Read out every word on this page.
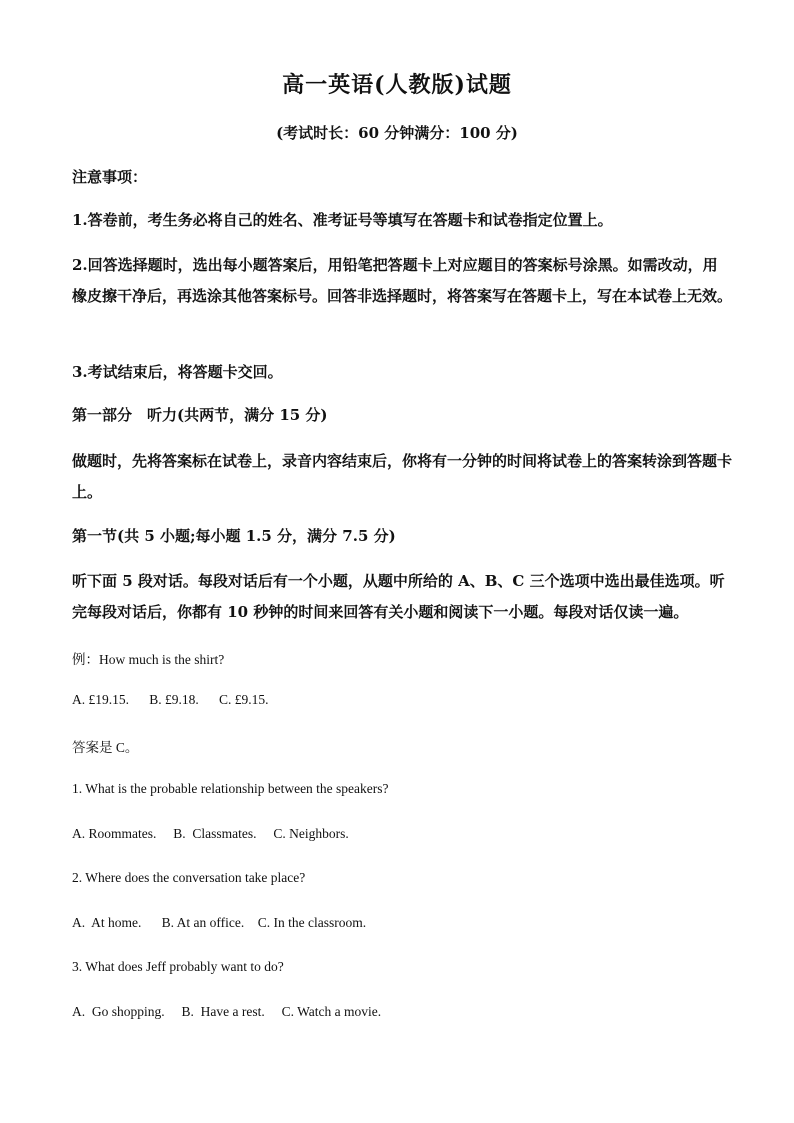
高一英语(人教版)试题
(考试时长：60 分钟满分：100 分)
注意事项：
1.答卷前，考生务必将自己的姓名、准考证号等填写在答题卡和试卷指定位置上。
2.回答选择题时，选出每小题答案后，用铅笔把答题卡上对应题目的答案标号涂黑。如需改动，用橡皮擦干净后，再选涂其他答案标号。回答非选择题时，将答案写在答题卡上，写在本试卷上无效。
3.考试结束后，将答题卡交回。
第一部分　听力(共两节，满分 15 分)
做题时，先将答案标在试卷上，录音内容结束后，你将有一分钟的时间将试卷上的答案转涂到答题卡上。
第一节(共 5 小题;每小题 1.5 分，满分 7.5 分)
听下面 5 段对话。每段对话后有一个小题，从题中所给的 A、B、C 三个选项中选出最佳选项。听完每段对话后，你都有 10 秒钟的时间来回答有关小题和阅读下一小题。每段对话仅读一遍。
例：How much is the shirt?
A. £19.15.      B. £9.18.      C. £9.15.
答案是 C。
1. What is the probable relationship between the speakers?
A. Roommates.     B.  Classmates.     C. Neighbors.
2. Where does the conversation take place?
A.  At home.      B. At an office.    C. In the classroom.
3. What does Jeff probably want to do?
A.  Go shopping.     B.  Have a rest.     C. Watch a movie.
